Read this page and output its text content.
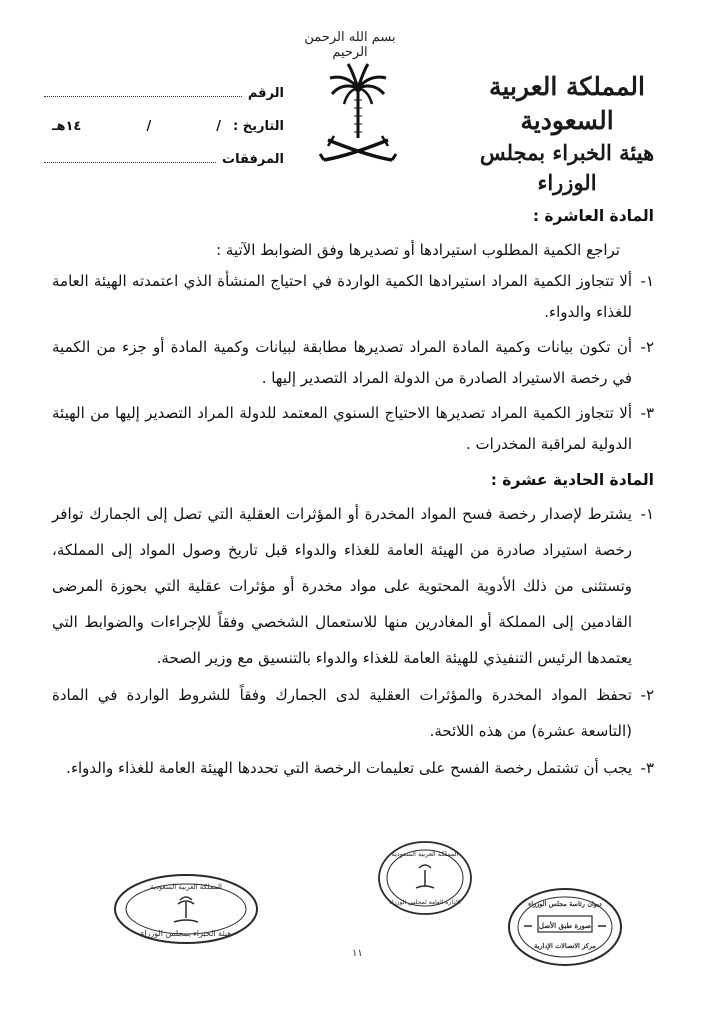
بسم الله الرحمن الرحيم
المملكة العربية السعودية
هيئة الخبراء بمجلس الوزراء
الرقم
التاريخ :
/
/
١٤هـ
المرفقات

المادة العاشرة :

تراجع الكمية المطلوب استيرادها أو تصديرها وفق الضوابط الآتية :

١-
ألا تتجاوز الكمية المراد استيرادها الكمية الواردة في احتياج المنشأة الذي اعتمدته الهيئة العامة للغذاء والدواء.
٢-
أن تكون بيانات وكمية المادة المراد تصديرها مطابقة لبيانات وكمية المادة أو جزء من الكمية في رخصة الاستيراد الصادرة من الدولة المراد التصدير إليها .
٣-
ألا تتجاوز الكمية المراد تصديرها الاحتياج السنوي المعتمد للدولة المراد التصدير إليها من الهيئة الدولية لمراقبة المخدرات .

المادة الحادية عشرة :

١-
يشترط لإصدار رخصة فسح المواد المخدرة أو المؤثرات العقلية التي تصل إلى الجمارك توافر رخصة استيراد صادرة من الهيئة العامة للغذاء والدواء قبل تاريخ وصول المواد إلى المملكة، وتستثنى من ذلك الأدوية المحتوية على مواد مخدرة أو مؤثرات عقلية التي بحوزة المرضى القادمين إلى المملكة أو المغادرين منها للاستعمال الشخصي وفقاً للإجراءات والضوابط التي يعتمدها الرئيس التنفيذي للهيئة العامة للغذاء والدواء بالتنسيق مع وزير الصحة.
٢-
تحفظ المواد المخدرة والمؤثرات العقلية لدى الجمارك وفقاً للشروط الواردة في المادة (التاسعة عشرة) من هذه اللائحة.
٣-
يجب أن تشتمل رخصة الفسح على تعليمات الرخصة التي تحددها الهيئة العامة للغذاء والدواء.
المملكة العربية السعودية
هيئة الخبراء بمجلس الوزراء
المملكة العربية السعودية
الإدارة العامة لمجلس الوزراء	ديوان رئاسة مجلس الوزراء
صورة طبق الأصل
مركز الاتصالات الإدارية
١١
